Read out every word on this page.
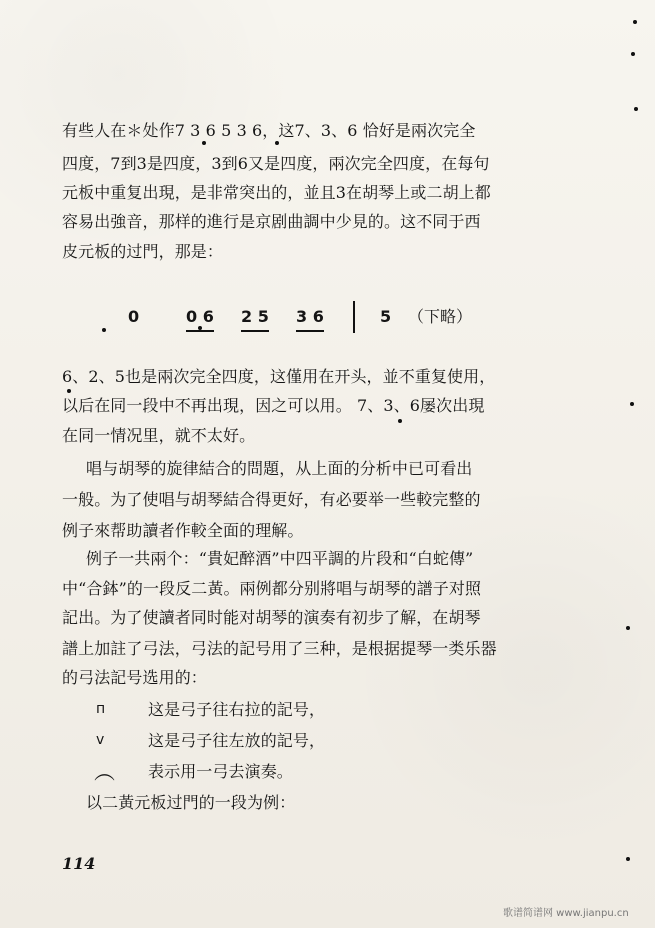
有些人在＊处作7 3 6 5 3 6，这7、3、6 恰好是兩次完全
四度，7到3是四度，3到6又是四度，兩次完全四度，在每句
元板中重复出現，是非常突出的，並且3在胡琴上或二胡上都
容易出強音，那样的進行是京剧曲調中少見的。这不同于西
皮元板的过門，那是：
0	0 6 2 5 3 6	5 （下略）
6、2、5也是兩次完全四度，这僅用在开头，並不重复使用，
以后在同一段中不再出現，因之可以用。 7、3、6屡次出現
在同一情况里，就不太好。
唱与胡琴的旋律結合的問題，从上面的分析中已可看出
一般。为了使唱与胡琴結合得更好，有必要举一些較完整的
例子來帮助讀者作較全面的理解。
例子一共兩个：“貴妃醉酒”中四平調的片段和“白蛇傳”
中“合鉢”的一段反二黃。兩例都分别將唱与胡琴的譜子对照
記出。为了使讀者同时能对胡琴的演奏有初步了解，在胡琴
譜上加註了弓法，弓法的記号用了三种，是根据提琴一类乐器
的弓法記号选用的：
п	这是弓子往右拉的記号，
v	这是弓子往左放的記号，
︵ 表示用一弓去演奏。
以二黃元板过門的一段为例：
114
歌谱简谱网 www.jianpu.cn
